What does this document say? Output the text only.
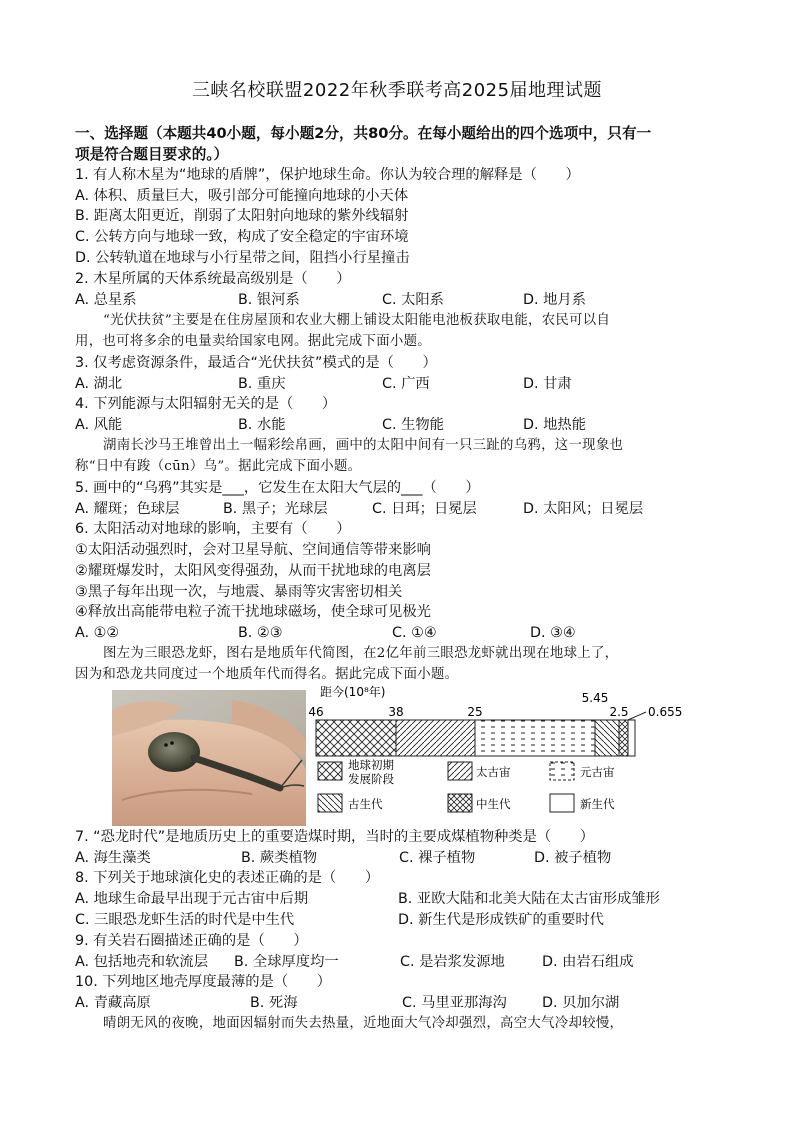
三峡名校联盟2022年秋季联考高2025届地理试题
一、选择题（本题共40小题，每小题2分，共80分。在每小题给出的四个选项中，只有一
项是符合题目要求的。）
1. 有人称木星为“地球的盾牌”，保护地球生命。你认为较合理的解释是（　　）
A. 体积、质量巨大，吸引部分可能撞向地球的小天体
B. 距离太阳更近，削弱了太阳射向地球的紫外线辐射
C. 公转方向与地球一致，构成了安全稳定的宇宙环境
D. 公转轨道在地球与小行星带之间，阻挡小行星撞击
2. 木星所属的天体系统最高级别是（　　）
A. 总星系	B. 银河系	C. 太阳系	D. 地月系
“光伏扶贫”主要是在住房屋顶和农业大棚上铺设太阳能电池板获取电能，农民可以自
用，也可将多余的电量卖给国家电网。据此完成下面小题。
3. 仅考虑资源条件，最适合“光伏扶贫”模式的是（　　）
A. 湖北	B. 重庆	C. 广西	D. 甘肃
4. 下列能源与太阳辐射无关的是（　　）
A. 风能	B. 水能	C. 生物能	D. 地热能
湖南长沙马王堆曾出土一幅彩绘帛画，画中的太阳中间有一只三趾的乌鸦，这一现象也
称“日中有踆（cūn）乌”。据此完成下面小题。
5. 画中的“乌鸦”其实是___，它发生在太阳大气层的___（　　）
A. 耀斑；色球层	B. 黑子；光球层	C. 日珥；日冕层	D. 太阳风；日冕层
6. 太阳活动对地球的影响，主要有（　　）
①太阳活动强烈时，会对卫星导航、空间通信等带来影响
②耀斑爆发时，太阳风变得强劲，从而干扰地球的电离层
③黑子每年出现一次，与地震、暴雨等灾害密切相关
④释放出高能带电粒子流干扰地球磁场，使全球可见极光
A. ①②	B. ②③	C. ①④	D. ③④
图左为三眼恐龙虾，图右是地质年代简图，在2亿年前三眼恐龙虾就出现在地球上了，
因为和恐龙共同度过一个地质年代而得名。据此完成下面小题。
距今(10⁸年)
46	38	25
5.45
2.5 0.655
地球初期
发展阶段	太古宙	元古宙
古生代	中生代	新生代
7. “恐龙时代”是地质历史上的重要造煤时期，当时的主要成煤植物种类是（　　）
A. 海生藻类	B. 蕨类植物	C. 裸子植物	D. 被子植物
8. 下列关于地球演化史的表述正确的是（　　）
A. 地球生命最早出现于元古宙中后期	B. 亚欧大陆和北美大陆在太古宙形成雏形
C. 三眼恐龙虾生活的时代是中生代	D. 新生代是形成铁矿的重要时代
9. 有关岩石圈描述正确的是（　　）
A. 包括地壳和软流层 B. 全球厚度均一	C. 是岩浆发源地	D. 由岩石组成
10. 下列地区地壳厚度最薄的是（　　）
A. 青藏高原	B. 死海	C. 马里亚那海沟 D. 贝加尔湖
晴朗无风的夜晚，地面因辐射而失去热量，近地面大气冷却强烈，高空大气冷却较慢，
